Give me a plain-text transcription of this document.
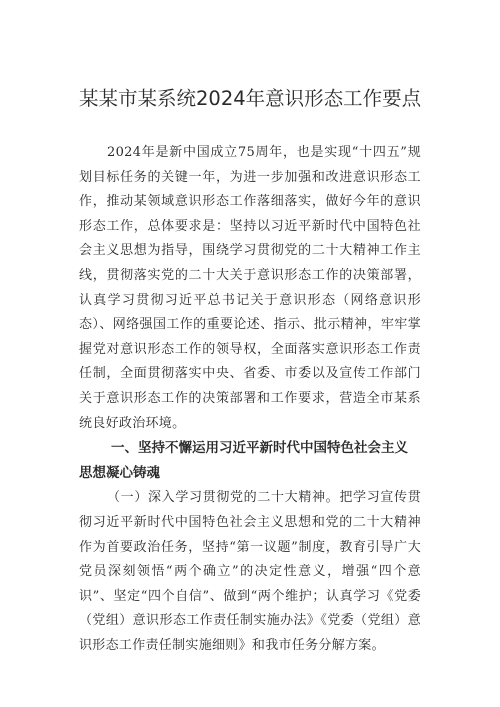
某某市某系统2024年意识形态工作要点

2024年是新中国成立75周年，也是实现“十四五”规划目标任务的关键一年，为进一步加强和改进意识形态工作，推动某领域意识形态工作落细落实，做好今年的意识形态工作，总体要求是：坚持以习近平新时代中国特色社会主义思想为指导，围绕学习贯彻党的二十大精神工作主线，贯彻落实党的二十大关于意识形态工作的决策部署，认真学习贯彻习近平总书记关于意识形态（网络意识形态）、网络强国工作的重要论述、指示、批示精神，牢牢掌握党对意识形态工作的领导权，全面落实意识形态工作责任制，全面贯彻落实中央、省委、市委以及宣传工作部门关于意识形态工作的决策部署和工作要求，营造全市某系统良好政治环境。

一、坚持不懈运用习近平新时代中国特色社会主义思想凝心铸魂

（一）深入学习贯彻党的二十大精神。把学习宣传贯彻习近平新时代中国特色社会主义思想和党的二十大精神作为首要政治任务，坚持“第一议题”制度，教育引导广大党员深刻领悟“两个确立”的决定性意义，增强“四个意识”、坚定“四个自信”、做到“两个维护；认真学习《党委（党组）意识形态工作责任制实施办法》《党委（党组）意识形态工作责任制实施细则》和我市任务分解方案。
